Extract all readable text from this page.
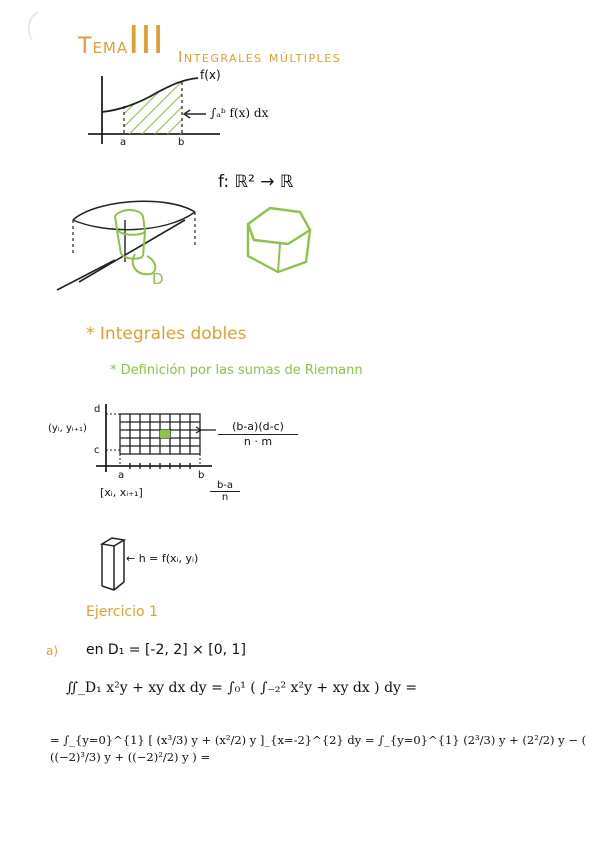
TemaIII Integrales múltiples
f(x)
∫ₐᵇ f(x) dx
a	b
f: ℝ² → ℝ
D
* Integrales dobles
* Definición por las sumas de Riemann
(yᵢ, yᵢ₊₁)
d
c
a	b
$\frac{(b-a)(d-c)}{n \cdot m}$
[xᵢ, xᵢ₊₁]	$\frac{b-a}{n}$
← h = f(xᵢ, yᵢ)
Ejercicio 1
a) en D₁ = [-2, 2] × [0, 1]
∬_D₁ x²y + xy dx dy = ∫₀¹ ( ∫₋₂² x²y + xy dx ) dy =
= ∫_{y=0}^{1} [ (x³/3) y + (x²/2) y ]_{x=-2}^{2} dy = ∫_{y=0}^{1} (2³/3) y + (2²/2) y − ( ((−2)³/3) y + ((−2)²/2) y ) =
